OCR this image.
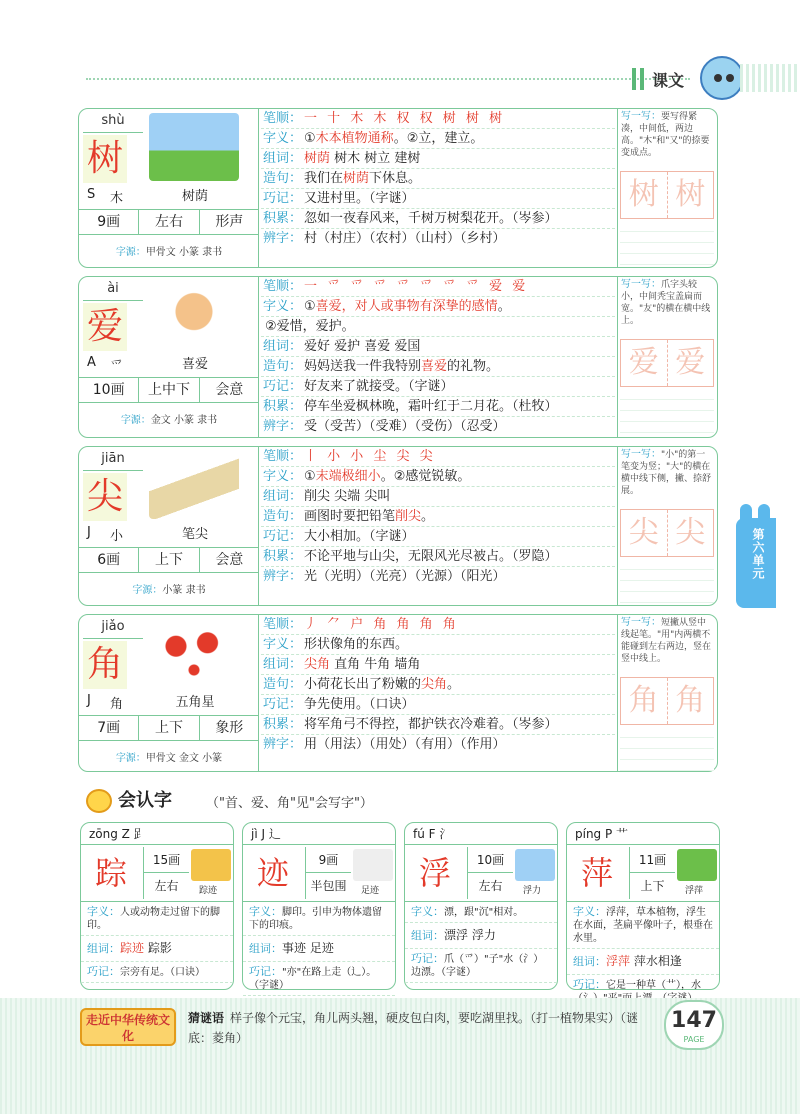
课文
shù
树
S 木	树荫
9画	左右	形声
字源：甲骨文 小篆 隶书
笔顺： 一 十 木 木 权 权 树 树 树
字义： ①木本植物通称。②立，建立。
组词： 树荫 树木 树立 建树
造句： 我们在树荫下休息。
巧记： 又进村里。（字谜）
积累： 忽如一夜春风来，千树万树梨花开。（岑参）
辨字： 村（村庄）（农村）（山村）（乡村）
写一写：要写得紧凑，中间低，两边高。"木"和"又"的捺要变成点。
树 树
ài
爱
A 爫	喜爱
10画	上中下	会意
字源：金文 小篆 隶书
笔顺： 一 爫 爫 爫 爫 爫 爫 爫 爱 爱
字义： ①喜爱，对人或事物有深挚的感情。
②爱惜，爱护。
组词： 爱好 爱护 喜爱 爱国
造句： 妈妈送我一件我特别喜爱的礼物。
巧记： 好友来了就接受。（字谜）
积累： 停车坐爱枫林晚，霜叶红于二月花。（杜牧）
辨字： 受（受苦）（受难）（受伤）（忍受）
写一写：爪字头较小，中间秃宝盖扁而宽。"友"的横在横中线上。
爱 爱
jiān
尖
J 小	笔尖
6画	上下	会意
字源：小篆 隶书
笔顺： 丨 小 小 尘 尖 尖
字义： ①末端极细小。②感觉锐敏。
组词： 削尖 尖端 尖叫
造句： 画图时要把铅笔削尖。
巧记： 大小相加。（字谜）
积累： 不论平地与山尖，无限风光尽被占。（罗隐）
辨字： 光（光明）（光亮）（光源）（阳光）
写一写："小"的第一笔变为竖；"大"的横在横中线下侧，撇、捺舒展。
尖 尖
jiǎo
角
J 角	五角星
7画	上下	象形
字源：甲骨文 金文 小篆
笔顺： 丿 ⺈ 户 角 角 角 角
字义： 形状像角的东西。
组词： 尖角 直角 牛角 墙角
造句： 小荷花长出了粉嫩的尖角。
巧记： 争先使用。（口诀）
积累： 将军角弓不得控，都护铁衣冷难着。（岑参）
辨字： 用（用法）（用处）（有用）（作用）
写一写：短撇从竖中线起笔。"用"内两横不能碰到左右两边，竖在竖中线上。
角 角
第六单元
会认字	（"首、爱、角"见"会写字"）
zōng Z 𧾷
踪	15画
左右	踪迹
字义：人或动物走过留下的脚印。
组词：踪迹 踪影
巧记：宗旁有足。（口诀）
jì J 辶
迹	9画
半包围	足迹
字义：脚印。引申为物体遗留下的印痕。
组词：事迹 足迹
巧记："亦"在路上走（辶）。（字谜）
fú F 氵
浮	10画
左右	浮力
字义：漂，跟"沉"相对。
组词：漂浮 浮力
巧记：爪（爫）"子"水（氵）边漂。（字谜）
píng P 艹
萍	11画
上下	浮萍
字义：浮萍，草本植物，浮生在水面，茎扁平像叶子，根垂在水里。
组词：浮萍 萍水相逢
巧记：它是一种草（艹），水
走近中华传统文化
猜谜语 样子像个元宝，角儿两头翘，硬皮包白肉，要吃湖里找。（打一植物果实）（谜底：菱角）
147
PAGE
